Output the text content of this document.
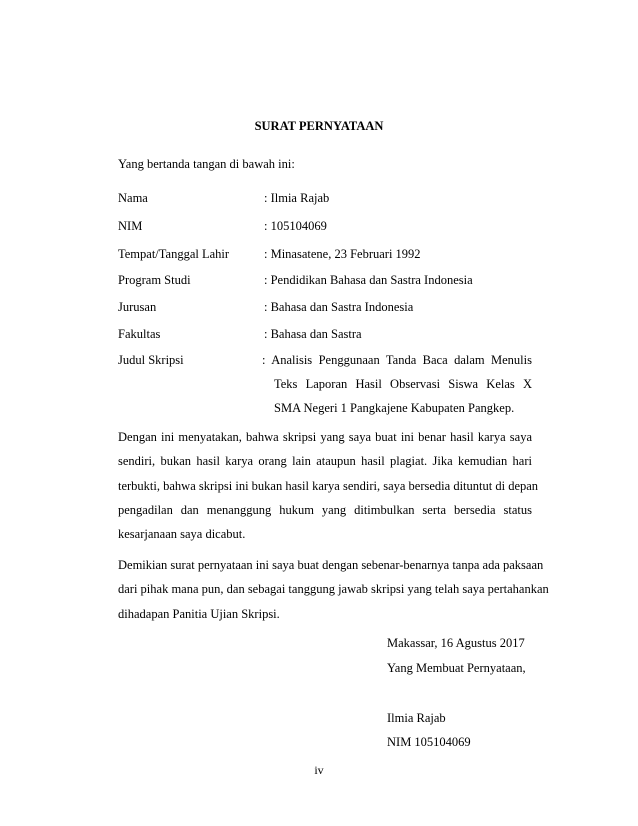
SURAT PERNYATAAN
Yang bertanda tangan di bawah ini:
Nama	: Ilmia Rajab
NIM	: 105104069
Tempat/Tanggal Lahir	: Minasatene, 23 Februari 1992
Program Studi	: Pendidikan Bahasa dan Sastra Indonesia
Jurusan	: Bahasa dan Sastra Indonesia
Fakultas	: Bahasa dan Sastra
Judul Skripsi	: Analisis Penggunaan Tanda Baca dalam Menulis
Teks Laporan Hasil Observasi Siswa Kelas X
SMA Negeri 1 Pangkajene Kabupaten Pangkep.
Dengan ini menyatakan, bahwa skripsi yang saya buat ini benar hasil karya saya
sendiri, bukan hasil karya orang lain ataupun hasil plagiat. Jika kemudian hari
terbukti, bahwa skripsi ini bukan hasil karya sendiri, saya bersedia dituntut di depan
pengadilan dan menanggung hukum yang ditimbulkan serta bersedia status
kesarjanaan saya dicabut.
Demikian surat pernyataan ini saya buat dengan sebenar-benarnya tanpa ada paksaan
dari pihak mana pun, dan sebagai tanggung jawab skripsi yang telah saya pertahankan
dihadapan Panitia Ujian Skripsi.
Makassar, 16 Agustus 2017
Yang Membuat Pernyataan,
Ilmia Rajab
NIM 105104069
iv
